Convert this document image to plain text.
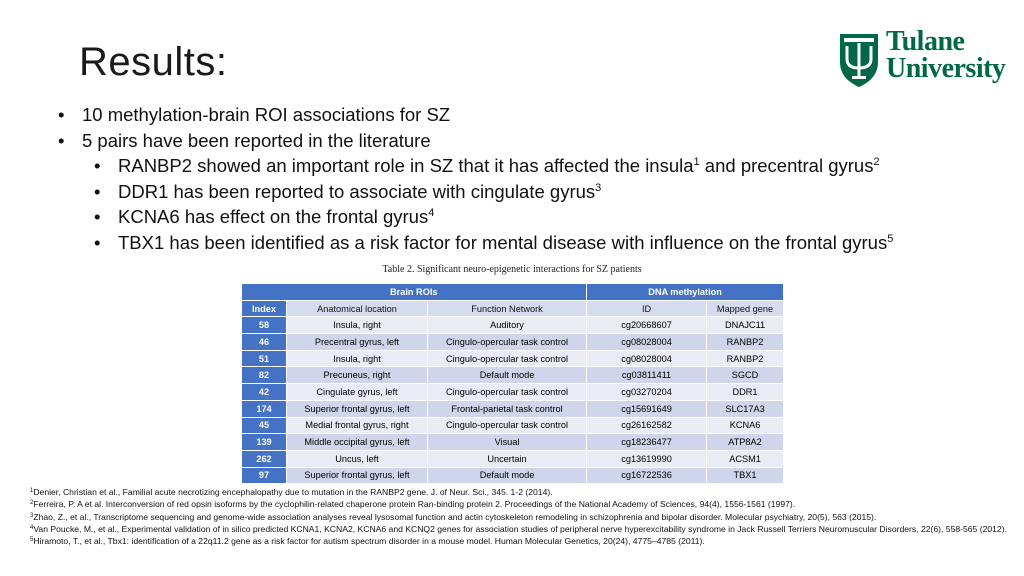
Results:	Tulane
University
• 10 methylation-brain ROI associations for SZ
• 5 pairs have been reported in the literature
• RANBP2 showed an important role in SZ that it has affected the insula$^1$ and precentral gyrus$^2$
• DDR1 has been reported to associate with cingulate gyrus$^3$
• KCNA6 has effect on the frontal gyrus$^4$
• TBX1 has been identified as a risk factor for mental disease with influence on the frontal gyrus$^5$
Table 2. Significant neuro-epigenetic interactions for SZ patients
Brain ROIs			DNA methylation	
Index	Anatomical location	Function Network	ID	Mapped gene
58	Insula, right	Auditory	cg20668607	DNAJC11
46	Precentral gyrus, left	Cingulo-opercular task control	cg08028004	RANBP2
51	Insula, right	Cingulo-opercular task control	cg08028004	RANBP2
82	Precuneus, right	Default mode	cg03811411	SGCD
42	Cingulate gyrus, left	Cingulo-opercular task control	cg03270204	DDR1
174	Superior frontal gyrus, left	Frontal-parietal task control	cg15691649	SLC17A3
45	Medial frontal gyrus, right	Cingulo-opercular task control	cg26162582	KCNA6
139	Middle occipital gyrus, left	Visual	cg18236477	ATP8A2
262	Uncus, left	Uncertain	cg13619990	ACSM1
97	Superior frontal gyrus, left	Default mode	cg16722536	TBX1

$^1$Denier, Christian et al., Familial acute necrotizing encephalopathy due to mutation in the RANBP2 gene. J. of Neur. Sci., 345. 1-2 (2014).

$^2$Ferreira, P. A et al. Interconversion of red opsin isoforms by the cyclophilin-related chaperone protein Ran-binding protein 2. Proceedings of the National Academy of Sciences, 94(4), 1556-1561 (1997).

$^3$Zhao, Z., et al., Transcriptome sequencing and genome-wide association analyses reveal lysosomal function and actin cytoskeleton remodeling in schizophrenia and bipolar disorder. Molecular psychiatry, 20(5), 563 (2015).

$^4$Van Poucke, M., et al., Experimental validation of in silico predicted KCNA1, KCNA2, KCNA6 and KCNQ2 genes for association studies of peripheral nerve hyperexcitability syndrome in Jack Russell Terriers Neuromuscular Disorders, 22(6), 558-565 (2012).

$^5$Hiramoto, T., et al., Tbx1: identification of a 22q11.2 gene as a risk factor for autism spectrum disorder in a mouse model. Human Molecular Genetics, 20(24), 4775–4785 (2011).
